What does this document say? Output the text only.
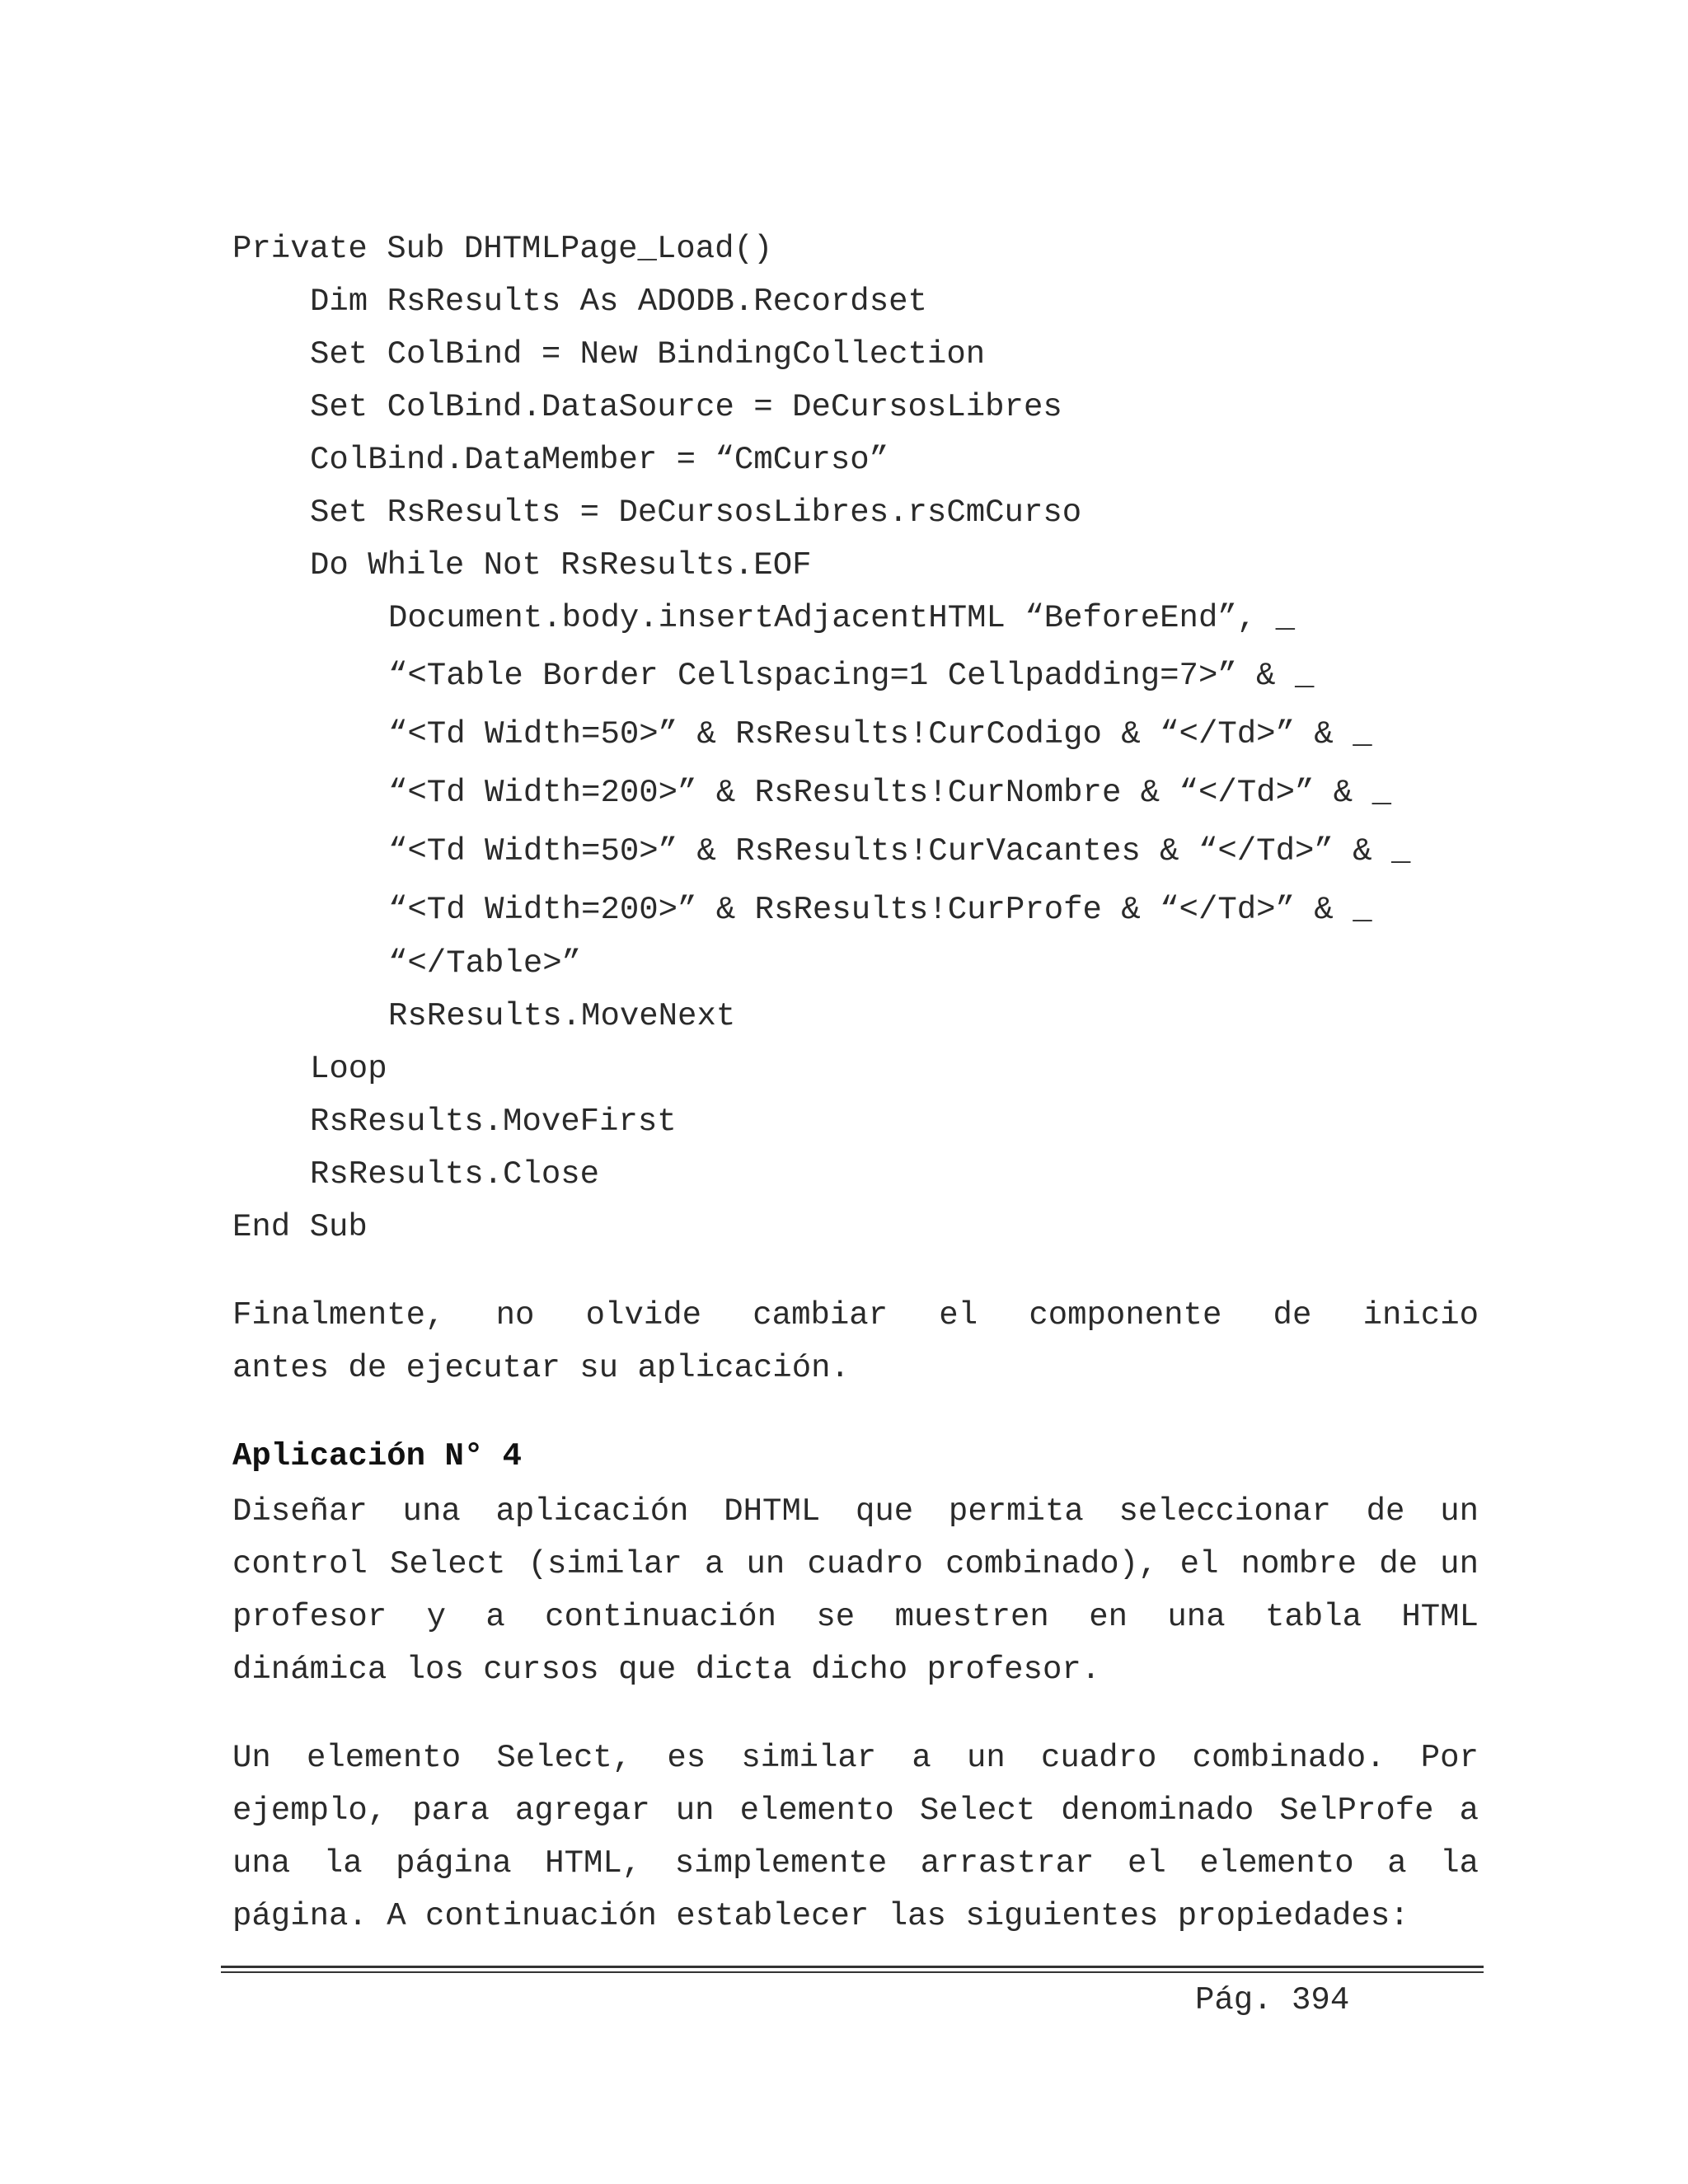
Private Sub DHTMLPage_Load()
Dim RsResults As ADODB.Recordset
Set ColBind = New BindingCollection
Set ColBind.DataSource = DeCursosLibres
ColBind.DataMember = “CmCurso”
Set RsResults = DeCursosLibres.rsCmCurso
Do While Not RsResults.EOF
Document.body.insertAdjacentHTML “BeforeEnd”, _
“<Table Border Cellspacing=1 Cellpadding=7>” & _
“<Td Width=50>” & RsResults!CurCodigo & “</Td>” & _
“<Td Width=200>” & RsResults!CurNombre & “</Td>” & _
“<Td Width=50>” & RsResults!CurVacantes & “</Td>” & _
“<Td Width=200>” & RsResults!CurProfe & “</Td>” & _
“</Table>”
RsResults.MoveNext
Loop
RsResults.MoveFirst
RsResults.Close
End Sub
Finalmente, no olvide cambiar el componente de inicio
antes de ejecutar su aplicación.
Aplicación N° 4
Diseñar una aplicación DHTML que permita seleccionar de un
control Select (similar a un cuadro combinado), el nombre de un
profesor y a continuación se muestren en una tabla HTML
dinámica los cursos que dicta dicho profesor.
Un elemento Select, es similar a un cuadro combinado. Por
ejemplo, para agregar un elemento Select denominado SelProfe a
una la página HTML, simplemente arrastrar el elemento a la
página. A continuación establecer las siguientes propiedades:
Pág. 394
